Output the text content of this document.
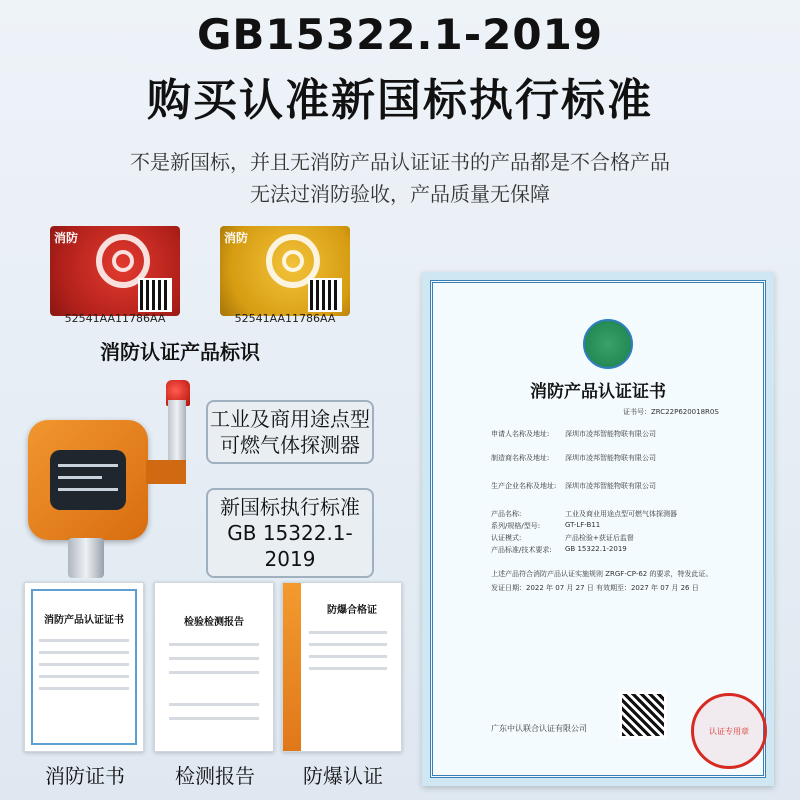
GB15322.1-2019
购买认准新国标执行标准
不是新国标，并且无消防产品认证证书的产品都是不合格产品
无法过消防验收，产品质量无保障
消防
52541AA11786AA
消防
52541AA11786AA
消防认证产品标识
工业及商用途点型
可燃气体探测器
新国标执行标准
GB 15322.1-2019
消防产品认证证书
证书号：ZRC22P620018R0S
申请人名称及地址:	深圳市凌邦智能物联有限公司
制造商名称及地址:	深圳市凌邦智能物联有限公司
生产企业名称及地址:	深圳市凌邦智能物联有限公司
产品名称:	工业及商业用途点型可燃气体探测器
系列/规格/型号:	GT-LF-B11
认证模式:	产品检验+获证后监督
产品标准/技术要求:	GB 15322.1-2019
上述产品符合消防产品认证实施规则 ZRGF-CP-62 的要求，特发此证。
发证日期：2022 年 07 月 27 日 有效期至：2027 年 07 月 26 日
广东中认联合认证有限公司	认证专用章
消防产品认证证书	检验检测报告
防爆合格证
消防证书	检测报告	防爆认证
